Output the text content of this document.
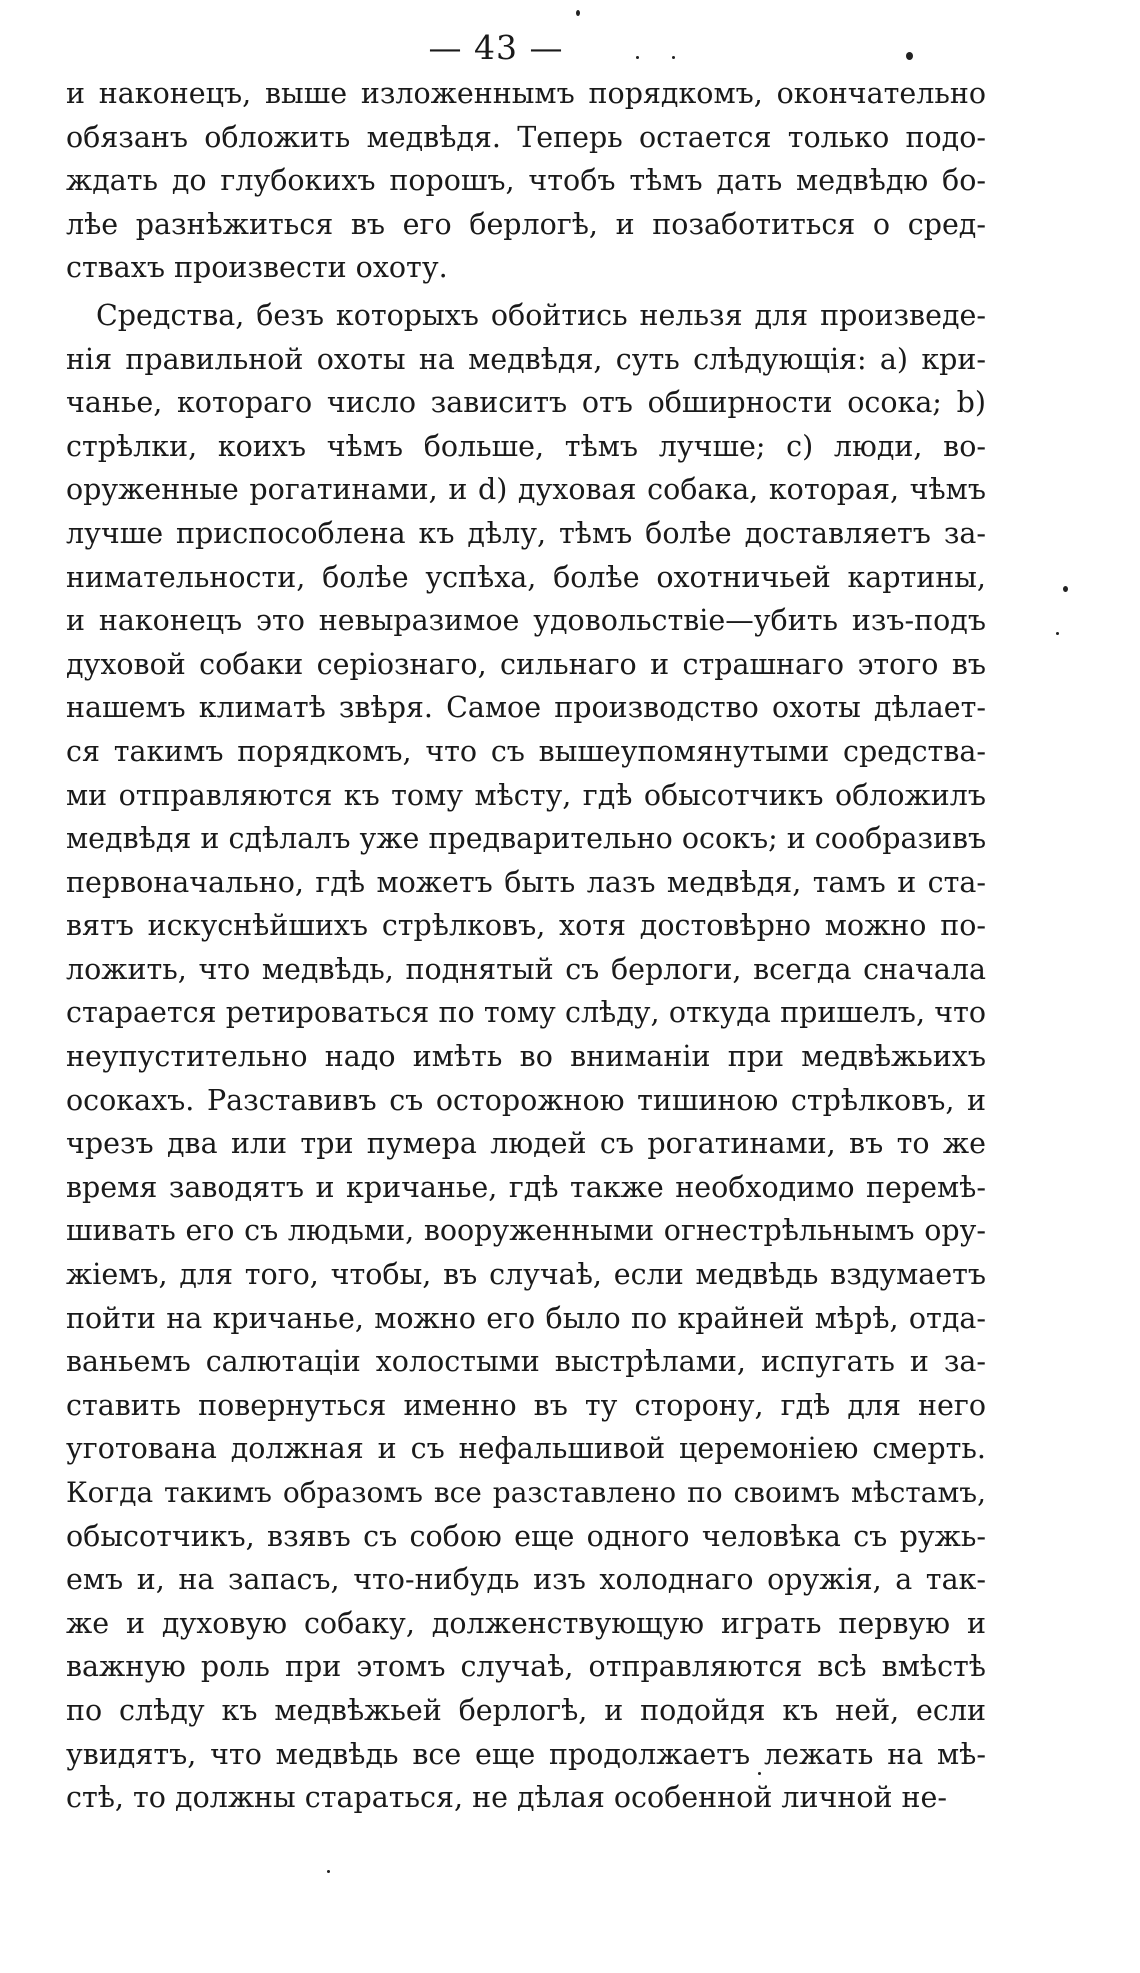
— 43 —
и наконецъ, выше изложеннымъ порядкомъ, окончательно
обязанъ обложить медвѣдя. Теперь остается только подо-
ждать до глубокихъ порошъ, чтобъ тѣмъ дать медвѣдю бо-
лѣе разнѣжиться въ его берлогѣ, и позаботиться о сред-
ствахъ произвести охоту.
Средства, безъ которыхъ обойтись нельзя для произведе-
нія правильной охоты на медвѣдя, суть слѣдующія: а) кри-
чанье, котораго число зависитъ отъ обширности осока; b)
стрѣлки, коихъ чѣмъ больше, тѣмъ лучше; c) люди, во-
оруженные рогатинами, и d) духовая собака, которая, чѣмъ
лучше приспособлена къ дѣлу, тѣмъ болѣе доставляетъ за-
нимательности, болѣе успѣха, болѣе охотничьей картины,
и наконецъ это невыразимое удовольствіе—убить изъ-подъ
духовой собаки серіознаго, сильнаго и страшнаго этого въ
нашемъ климатѣ звѣря. Самое производство охоты дѣлает-
ся такимъ порядкомъ, что съ вышеупомянутыми средства-
ми отправляются къ тому мѣсту, гдѣ обысотчикъ обложилъ
медвѣдя и сдѣлалъ уже предварительно осокъ; и сообразивъ
первоначально, гдѣ можетъ быть лазъ медвѣдя, тамъ и ста-
вятъ искуснѣйшихъ стрѣлковъ, хотя достовѣрно можно по-
ложить, что медвѣдь, поднятый съ берлоги, всегда сначала
старается ретироваться по тому слѣду, откуда пришелъ, что
неупустительно надо имѣть во вниманіи при медвѣжьихъ
осокахъ. Разставивъ съ осторожною тишиною стрѣлковъ, и
чрезъ два или три пумера людей съ рогатинами, въ то же
время заводятъ и кричанье, гдѣ также необходимо перемѣ-
шивать его съ людьми, вооруженными огнестрѣльнымъ ору-
жіемъ, для того, чтобы, въ случаѣ, если медвѣдь вздумаетъ
пойти на кричанье, можно его было по крайней мѣрѣ, отда-
ваньемъ салютаціи холостыми выстрѣлами, испугать и за-
ставить повернуться именно въ ту сторону, гдѣ для него
уготована должная и съ нефальшивой церемоніею смерть.
Когда такимъ образомъ все разставлено по своимъ мѣстамъ,
обысотчикъ, взявъ съ собою еще одного человѣка съ ружь-
емъ и, на запасъ, что-нибудь изъ холоднаго оружія, а так-
же и духовую собаку, долженствующую играть первую и
важную роль при этомъ случаѣ, отправляются всѣ вмѣстѣ
по слѣду къ медвѣжьей берлогѣ, и подойдя къ ней, если
увидятъ, что медвѣдь все еще продолжаетъ лежать на мѣ-
стѣ, то должны стараться, не дѣлая особенной личной не-
